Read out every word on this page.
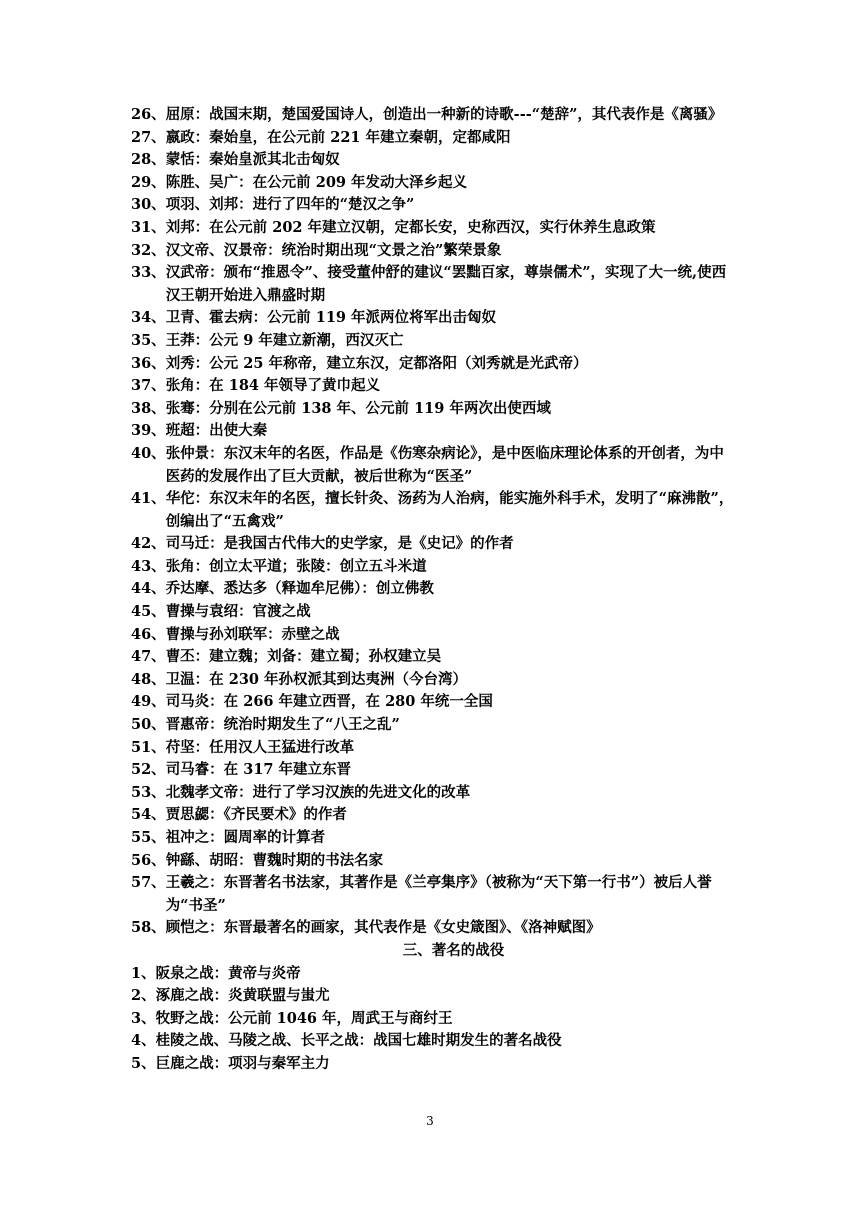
26、 屈原：战国末期，楚国爱国诗人，创造出一种新的诗歌---“楚辞”，其代表作是《离骚》
27、 嬴政：秦始皇，在公元前 221 年建立秦朝，定都咸阳
28、 蒙恬：秦始皇派其北击匈奴
29、 陈胜、吴广：在公元前 209 年发动大泽乡起义
30、 项羽、刘邦：进行了四年的“楚汉之争”
31、 刘邦：在公元前 202 年建立汉朝，定都长安，史称西汉，实行休养生息政策
32、 汉文帝、汉景帝：统治时期出现“文景之治”繁荣景象
33、 汉武帝：颁布“推恩令”、接受董仲舒的建议“罢黜百家，尊崇儒术”，实现了大一统,使西汉王朝开始进入鼎盛时期
34、 卫青、霍去病：公元前 119 年派两位将军出击匈奴
35、 王莽：公元 9 年建立新潮，西汉灭亡
36、 刘秀：公元 25 年称帝，建立东汉，定都洛阳（刘秀就是光武帝）
37、 张角：在 184 年领导了黄巾起义
38、 张骞：分别在公元前 138 年、公元前 119 年两次出使西域
39、 班超：出使大秦
40、 张仲景：东汉末年的名医，作品是《伤寒杂病论》，是中医临床理论体系的开创者，为中医药的发展作出了巨大贡献，被后世称为“医圣”
41、 华佗：东汉末年的名医，擅长针灸、汤药为人治病，能实施外科手术，发明了“麻沸散”，创编出了“五禽戏”
42、 司马迁：是我国古代伟大的史学家，是《史记》的作者
43、 张角：创立太平道；张陵：创立五斗米道
44、 乔达摩、悉达多（释迦牟尼佛）：创立佛教
45、 曹操与袁绍：官渡之战
46、 曹操与孙刘联军：赤壁之战
47、 曹丕：建立魏；刘备：建立蜀；孙权建立吴
48、 卫温：在 230 年孙权派其到达夷洲（今台湾）
49、 司马炎：在 266 年建立西晋，在 280 年统一全国
50、 晋惠帝：统治时期发生了“八王之乱”
51、 苻坚：任用汉人王猛进行改革
52、 司马睿：在 317 年建立东晋
53、 北魏孝文帝：进行了学习汉族的先进文化的改革
54、 贾思勰：《齐民要术》的作者
55、 祖冲之：圆周率的计算者
56、 钟繇、胡昭：曹魏时期的书法名家
57、 王羲之：东晋著名书法家，其著作是《兰亭集序》（被称为“天下第一行书”）被后人誉为“书圣”
58、 顾恺之：东晋最著名的画家，其代表作是《女史箴图》、《洛神赋图》
三、著名的战役
1、 阪泉之战：黄帝与炎帝
2、 涿鹿之战：炎黄联盟与蚩尤
3、 牧野之战：公元前 1046 年，周武王与商纣王
4、 桂陵之战、马陵之战、长平之战：战国七雄时期发生的著名战役
5、 巨鹿之战：项羽与秦军主力
3
